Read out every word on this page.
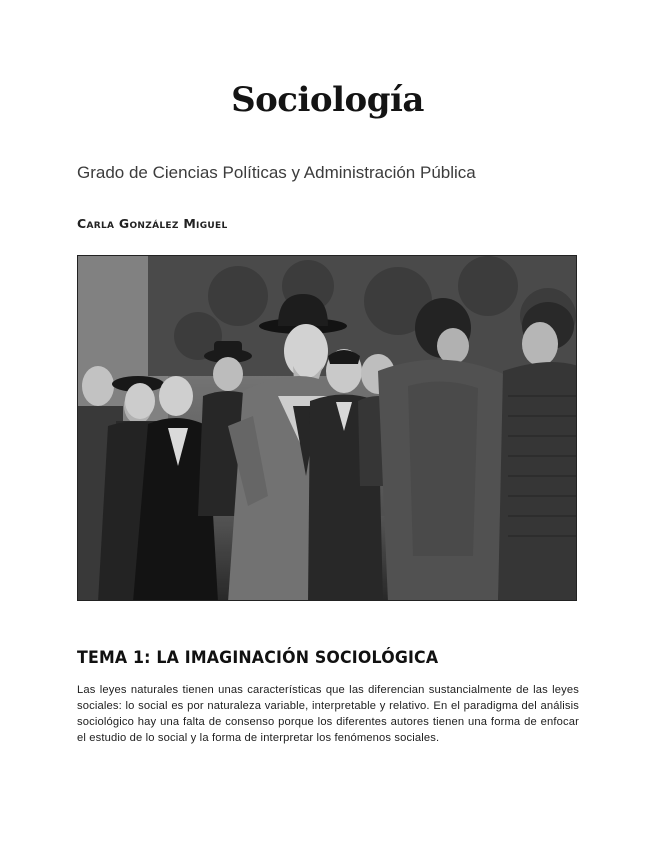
Sociología
Grado de Ciencias Políticas y Administración Pública
Carla González Miguel
TEMA 1: LA IMAGINACIÓN SOCIOLÓGICA

Las leyes naturales tienen unas características que las diferencian sustancialmente de las leyes sociales: lo social es por naturaleza variable, interpretable y relativo. En el paradigma del análisis sociológico hay una falta de consenso porque los diferentes autores tienen una forma de enfocar el estudio de lo social y la forma de interpretar los fenómenos sociales.
